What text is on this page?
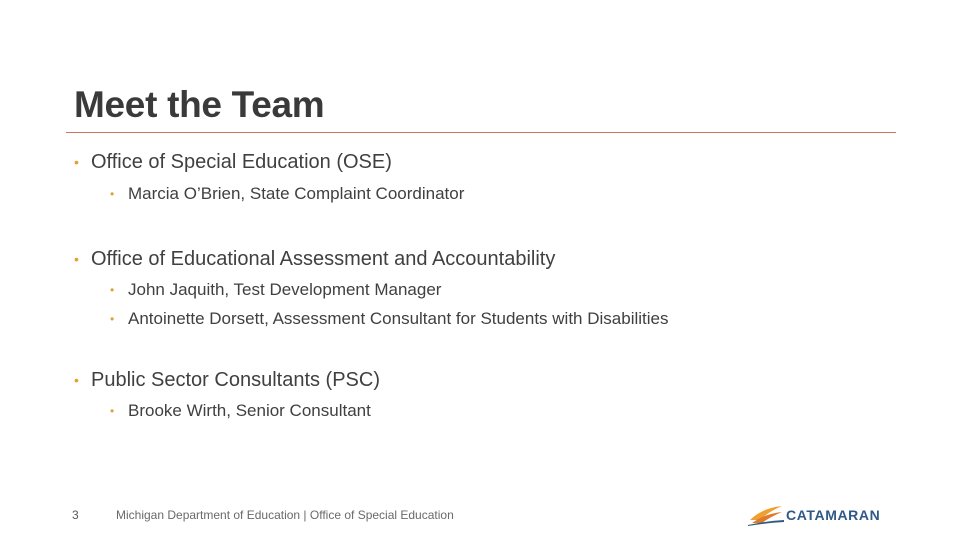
Meet the Team
• Office of Special Education (OSE)
• Marcia O’Brien, State Complaint Coordinator
• Office of Educational Assessment and Accountability
• John Jaquith, Test Development Manager
• Antoinette Dorsett, Assessment Consultant for Students with Disabilities
• Public Sector Consultants (PSC)
• Brooke Wirth, Senior Consultant
3	Michigan Department of Education | Office of Special Education	CATAMARAN
